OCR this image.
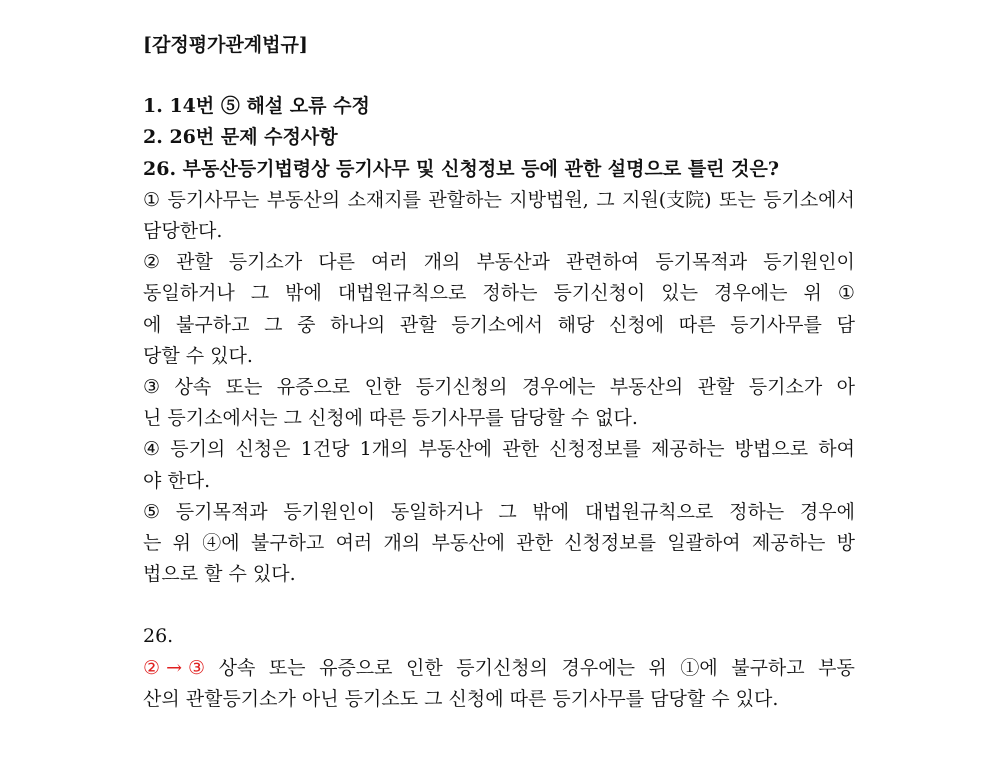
[감정평가관계법규]
1. 14번 ⑤ 해설 오류 수정
2. 26번 문제 수정사항
26. 부동산등기법령상 등기사무 및 신청정보 등에 관한 설명으로 틀린 것은?
① 등기사무는 부동산의 소재지를 관할하는 지방법원, 그 지원(支院) 또는 등기소에서
담당한다.
② 관할 등기소가 다른 여러 개의 부동산과 관련하여 등기목적과 등기원인이
동일하거나 그 밖에 대법원규칙으로 정하는 등기신청이 있는 경우에는 위 ①
에 불구하고 그 중 하나의 관할 등기소에서 해당 신청에 따른 등기사무를 담
당할 수 있다.
③ 상속 또는 유증으로 인한 등기신청의 경우에는 부동산의 관할 등기소가 아
닌 등기소에서는 그 신청에 따른 등기사무를 담당할 수 없다.
④ 등기의 신청은 1건당 1개의 부동산에 관한 신청정보를 제공하는 방법으로 하여
야 한다.
⑤ 등기목적과 등기원인이 동일하거나 그 밖에 대법원규칙으로 정하는 경우에
는 위 ④에 불구하고 여러 개의 부동산에 관한 신청정보를 일괄하여 제공하는 방
법으로 할 수 있다.
26.
② → ③ 상속 또는 유증으로 인한 등기신청의 경우에는 위 ①에 불구하고 부동
산의 관할등기소가 아닌 등기소도 그 신청에 따른 등기사무를 담당할 수 있다.
